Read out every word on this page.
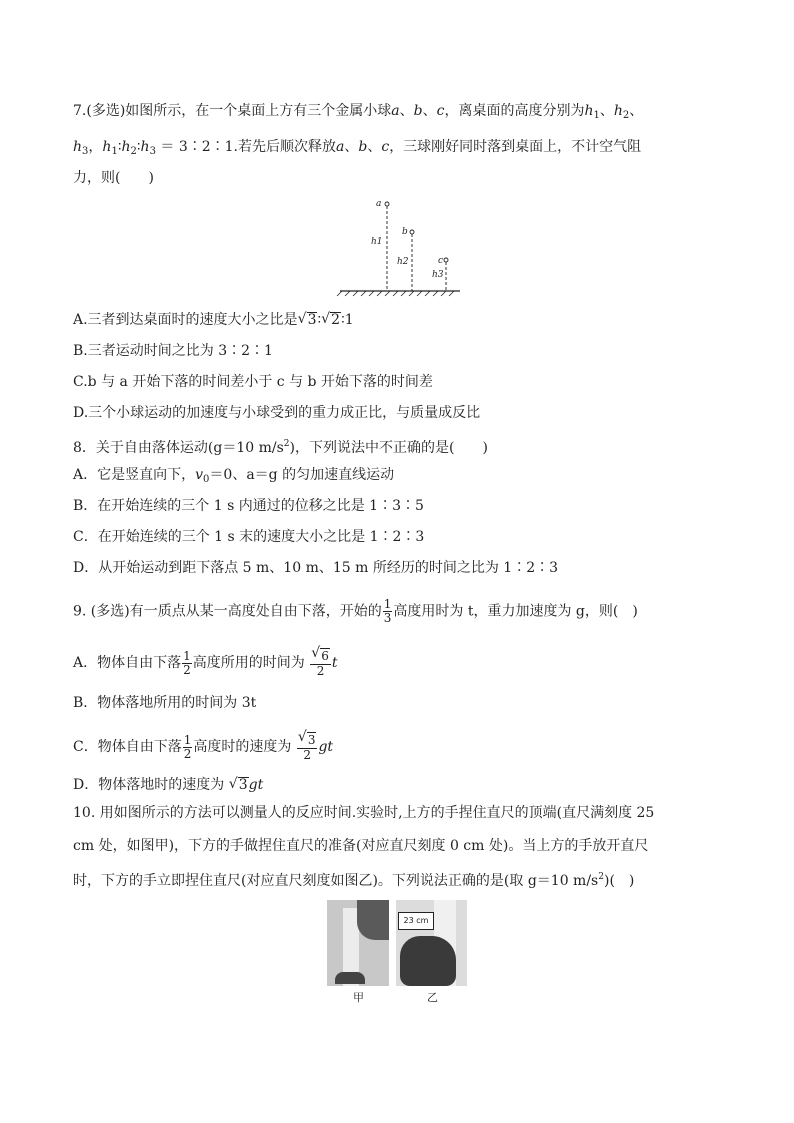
7.(多选)如图所示，在一个桌面上方有三个金属小球a、b、c，离桌面的高度分别为$h_1$、$h_2$、
$h_3$，$h_1∶h_2∶h_3$ ＝ 3∶2∶1.若先后顺次释放a、b、c，三球刚好同时落到桌面上，不计空气阻
力，则(　　)
a
b
c
h1
h2
h3
A.三者到达桌面时的速度大小之比是 √ 3∶ √ 2∶1
B.三者运动时间之比为 3∶2∶1
C.b 与 a 开始下落的时间差小于 c 与 b 开始下落的时间差
D.三个小球运动的加速度与小球受到的重力成正比，与质量成反比
8．关于自由落体运动(g＝10 $m/s^2$)，下列说法中不正确的是(　　)
A．它是竖直向下，$v_0=0$、a＝g 的匀加速直线运动
B．在开始连续的三个 1 s 内通过的位移之比是 1∶3∶5
C．在开始连续的三个 1 s 末的速度大小之比是 1∶2∶3
D．从开始运动到距下落点 5 m、10 m、15 m 所经历的时间之比为 1∶2∶3
9. (多选)有一质点从某一高度处自由下落，开始的 $\frac{1}{3}$ 高度用时为 t，重力加速度为 g，则(　)
A．物体自由下落 $\frac{1}{2}$ 高度所用的时间为 √ $\frac{6}{2}$ t
B．物体落地所用的时间为 3t
C．物体自由下落 $\frac{1}{2}$ 高度时的速度为 √ $\frac{3}{2}$ gt
D．物体落地时的速度为 √ 3gt
10. 用如图所示的方法可以测量人的反应时间.实验时,上方的手捏住直尺的顶端(直尺满刻度 25
cm 处，如图甲)，下方的手做捏住直尺的准备(对应直尺刻度 0 cm 处)。当上方的手放开直尺
时，下方的手立即捏住直尺(对应直尺刻度如图乙)。下列说法正确的是(取 g＝10 $m/s^2$)(　)
23 cm
甲	乙
